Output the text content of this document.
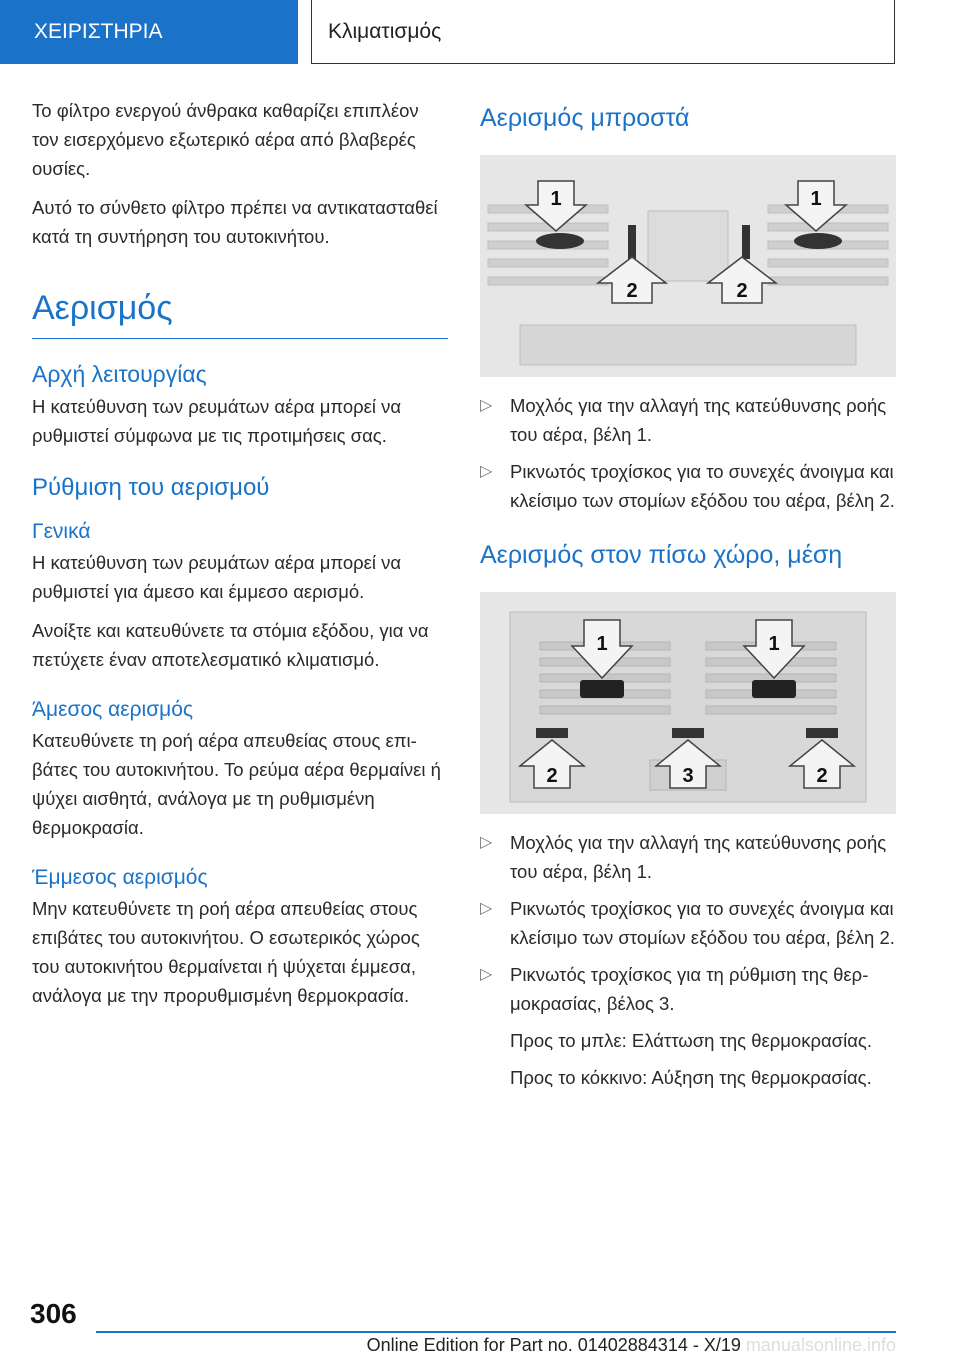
ΧΕΙΡΙΣΤΗΡΙΑ	Κλιματισμός

Το φίλτρο ενεργού άνθρακα καθαρίζει επιπλέον τον εισερχόμενο εξωτερικό αέρα από βλαβερές ουσίες.

Αυτό το σύνθετο φίλτρο πρέπει να αντικατασταθεί κατά τη συντήρηση του αυτοκινήτου.

Αερισμός
Αρχή λειτουργίας

Η κατεύθυνση των ρευμάτων αέρα μπορεί να ρυθμιστεί σύμφωνα με τις προτιμήσεις σας.

Ρύθμιση του αερισμού
Γενικά

Η κατεύθυνση των ρευμάτων αέρα μπορεί να ρυθμιστεί για άμεσο και έμμεσο αερισμό.

Ανοίξτε και κατευθύνετε τα στόμια εξόδου, για να πετύχετε έναν αποτελεσματικό κλιματισμό.

Άμεσος αερισμός

Κατευθύνετε τη ροή αέρα απευθείας στους επιβάτες του αυτοκινήτου. Το ρεύμα αέρα θερμαίνει ή ψύχει αισθητά, ανάλογα με τη ρυθμισμένη θερμοκρασία.

Έμμεσος αερισμός

Μην κατευθύνετε τη ροή αέρα απευθείας στους επιβάτες του αυτοκινήτου. Ο εσωτερικός χώρος του αυτοκινήτου θερμαίνεται ή ψύχεται έμμεσα, ανάλογα με την προρυθμισμένη θερμοκρασία.

Αερισμός μπροστά
1	1
2	2
▷ Μοχλός για την αλλαγή της κατεύθυνσης ροής του αέρα, βέλη 1.
▷ Ρικνωτός τροχίσκος για το συνεχές άνοιγμα και κλείσιμο των στομίων εξόδου του αέρα, βέλη 2.
Αερισμός στον πίσω χώρο, μέση
1	1
2	3	2
▷ Μοχλός για την αλλαγή της κατεύθυνσης ροής του αέρα, βέλη 1.
▷ Ρικνωτός τροχίσκος για το συνεχές άνοιγμα και κλείσιμο των στομίων εξόδου του αέρα, βέλη 2.
▷ Ρικνωτός τροχίσκος για τη ρύθμιση της θερμοκρασίας, βέλος 3.
Προς το μπλε: Ελάττωση της θερμοκρασίας.
Προς το κόκκινο: Αύξηση της θερμοκρασίας.
306
Online Edition for Part no. 01402884314 - X/19 manualsonline.info
